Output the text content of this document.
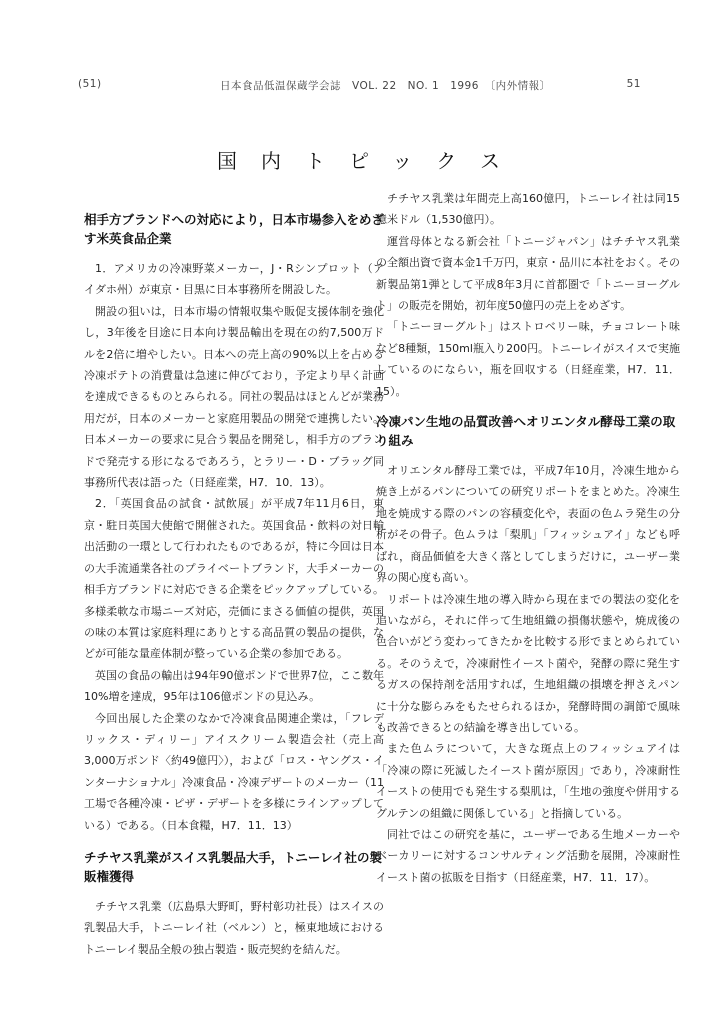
(51)	日本食品低温保蔵学会誌　VOL. 22　NO. 1　1996　〔内外情報〕	51
国内トピックス
相手方ブランドへの対応により，日本市場参入をめざす米英食品企業

1．アメリカの冷凍野菜メーカー，J・Rシンプロット（アイダホ州）が東京・目黒に日本事務所を開設した。

開設の狙いは，日本市場の情報収集や販促支援体制を強化し，3年後を目途に日本向け製品輸出を現在の約7,500万ドルを2倍に増やしたい。日本への売上高の90%以上を占める冷凍ポテトの消費量は急速に伸びており，予定より早く計画を達成できるものとみられる。同社の製品はほとんどが業務用だが，日本のメーカーと家庭用製品の開発で連携したい。日本メーカーの要求に見合う製品を開発し，相手方のブランドで発売する形になるであろう，とラリー・D・ブラッグ同事務所代表は語った（日経産業，H7．10．13）。

2．「英国食品の試食・試飲展」が平成7年11月6日，東京・駐日英国大使館で開催された。英国食品・飲料の対日輸出活動の一環として行われたものであるが，特に今回は日本の大手流通業各社のプライベートブランド，大手メーカーの相手方ブランドに対応できる企業をピックアップしている。多様柔軟な市場ニーズ対応，売価にまさる価値の提供，英国の味の本質は家庭料理にありとする高品質の製品の提供，などが可能な量産体制が整っている企業の参加である。

英国の食品の輸出は94年90億ポンドで世界7位，ここ数年10%増を達成，95年は106億ポンドの見込み。

今回出展した企業のなかで冷凍食品関連企業は，「フレデリックス・ディリー」アイスクリーム製造会社（売上高3,000万ポンド〈約49億円〉），および「ロス・ヤングス・インターナショナル」冷凍食品・冷凍デザートのメーカー（11工場で各種冷凍・ピザ・デザートを多様にラインアップしている）である。（日本食糧，H7．11．13）

チチヤス乳業がスイス乳製品大手，トニーレイ社の製販権獲得

チチヤス乳業（広島県大野町，野村彰功社長）はスイスの乳製品大手，トニーレイ社（ベルン）と，極東地域におけるトニーレイ製品全般の独占製造・販売契約を結んだ。

チチヤス乳業は年間売上高160億円，トニーレイ社は同15億米ドル（1,530億円）。

運営母体となる新会社「トニージャパン」はチチヤス乳業の全額出資で資本金1千万円，東京・品川に本社をおく。その新製品第1弾として平成8年3月に首都圏で「トニーヨーグルト」の販売を開始，初年度50億円の売上をめざす。

「トニーヨーグルト」はストロベリー味，チョコレート味など8種類，150ml瓶入り200円。トニーレイがスイスで実施しているのにならい，瓶を回収する（日経産業，H7．11．15）。

冷凍パン生地の品質改善へオリエンタル酵母工業の取り組み

オリエンタル酵母工業では，平成7年10月，冷凍生地から焼き上がるパンについての研究リポートをまとめた。冷凍生地を焼成する際のパンの容積変化や，表面の色ムラ発生の分析がその骨子。色ムラは「梨肌」「フィッシュアイ」なども呼ばれ，商品価値を大きく落としてしまうだけに，ユーザー業界の関心度も高い。

リポートは冷凍生地の導入時から現在までの製法の変化を追いながら，それに伴って生地組織の損傷状態や，焼成後の色合いがどう変わってきたかを比較する形でまとめられている。そのうえで，冷凍耐性イースト菌や，発酵の際に発生するガスの保持剤を活用すれば，生地組織の損壊を押さえパンに十分な膨らみをもたせられるほか，発酵時間の調節で風味も改善できるとの結論を導き出している。

また色ムラについて，大きな斑点上のフィッシュアイは「冷凍の際に死滅したイースト菌が原因」であり，冷凍耐性イーストの使用でも発生する梨肌は，「生地の強度や併用するグルテンの組織に関係している」と指摘している。

同社ではこの研究を基に，ユーザーである生地メーカーやベーカリーに対するコンサルティング活動を展開，冷凍耐性イースト菌の拡販を目指す（日経産業，H7．11．17）。
